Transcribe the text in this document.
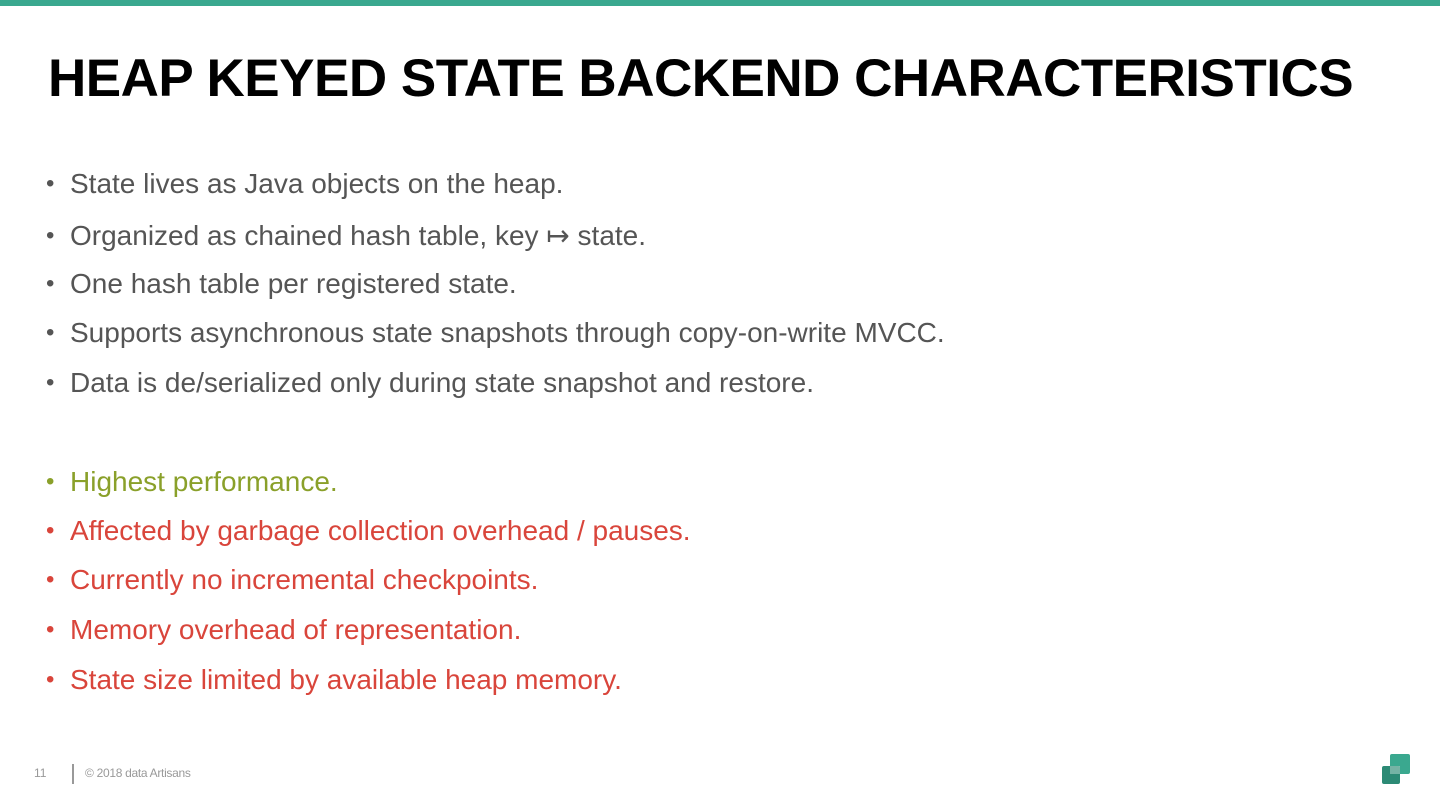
HEAP KEYED STATE BACKEND CHARACTERISTICS
• State lives as Java objects on the heap.
• Organized as chained hash table, key ↦ state.
• One hash table per registered state.
• Supports asynchronous state snapshots through copy-on-write MVCC.
• Data is de/serialized only during state snapshot and restore.
• Highest performance.
• Affected by garbage collection overhead / pauses.
• Currently no incremental checkpoints.
• Memory overhead of representation.
• State size limited by available heap memory.
11	© 2018 data Artisans
